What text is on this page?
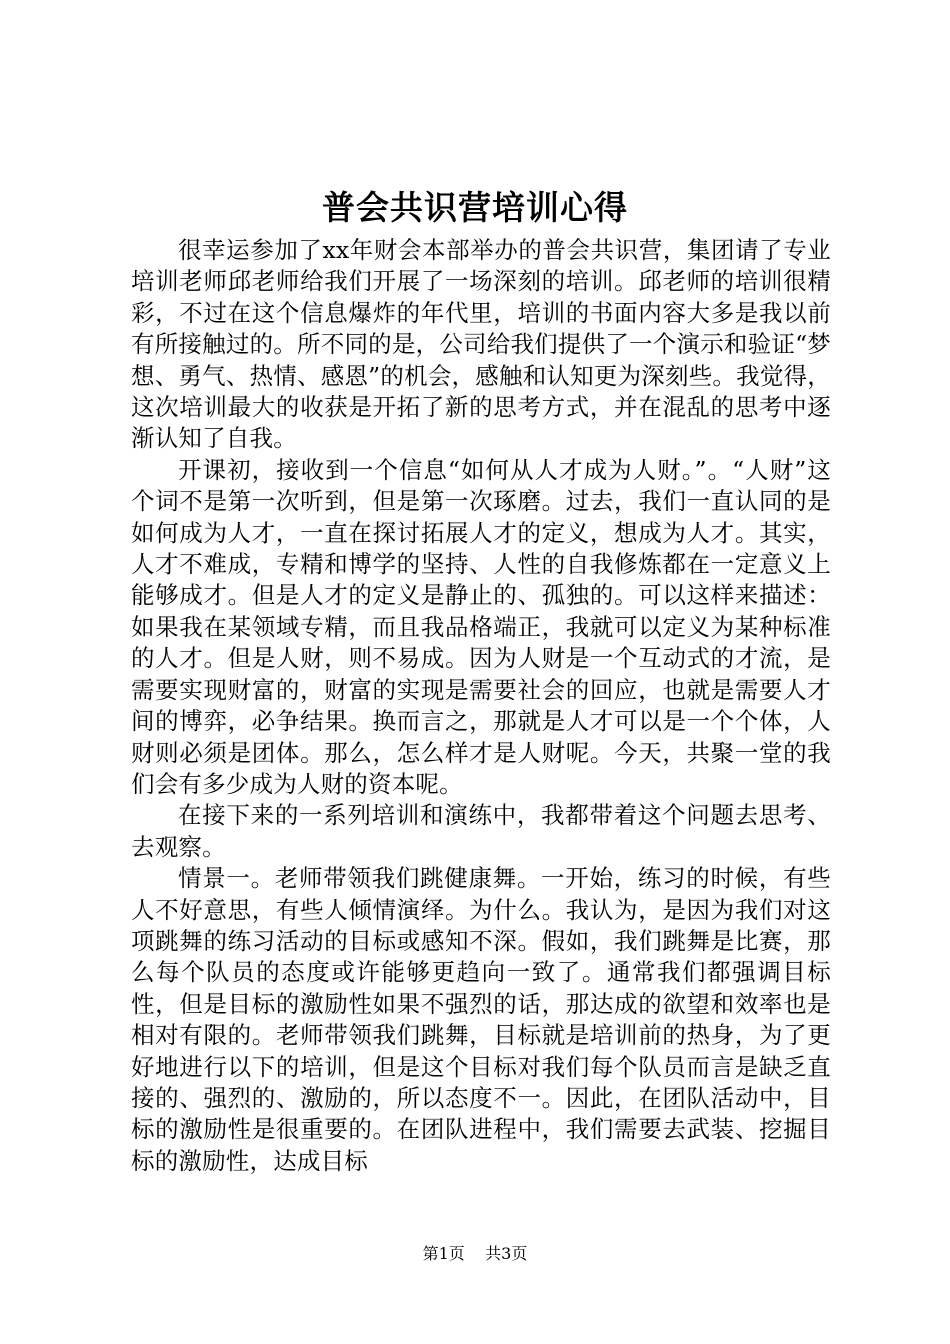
普会共识营培训心得

很幸运参加了xx年财会本部举办的普会共识营，集团请了专业培训老师邱老师给我们开展了一场深刻的培训。邱老师的培训很精彩，不过在这个信息爆炸的年代里，培训的书面内容大多是我以前有所接触过的。所不同的是，公司给我们提供了一个演示和验证“梦想、勇气、热情、感恩”的机会，感触和认知更为深刻些。我觉得，这次培训最大的收获是开拓了新的思考方式，并在混乱的思考中逐渐认知了自我。

开课初，接收到一个信息“如何从人才成为人财。”。“人财”这个词不是第一次听到，但是第一次琢磨。过去，我们一直认同的是如何成为人才，一直在探讨拓展人才的定义，想成为人才。其实，人才不难成，专精和博学的坚持、人性的自我修炼都在一定意义上能够成才。但是人才的定义是静止的、孤独的。可以这样来描述：如果我在某领域专精，而且我品格端正，我就可以定义为某种标准的人才。但是人财，则不易成。因为人财是一个互动式的才流，是需要实现财富的，财富的实现是需要社会的回应，也就是需要人才间的博弈，必争结果。换而言之，那就是人才可以是一个个体，人财则必须是团体。那么，怎么样才是人财呢。今天，共聚一堂的我们会有多少成为人财的资本呢。

在接下来的一系列培训和演练中，我都带着这个问题去思考、去观察。

情景一。老师带领我们跳健康舞。一开始，练习的时候，有些人不好意思，有些人倾情演绎。为什么。我认为，是因为我们对这项跳舞的练习活动的目标或感知不深。假如，我们跳舞是比赛，那么每个队员的态度或许能够更趋向一致了。通常我们都强调目标性，但是目标的激励性如果不强烈的话，那达成的欲望和效率也是相对有限的。老师带领我们跳舞，目标就是培训前的热身，为了更好地进行以下的培训，但是这个目标对我们每个队员而言是缺乏直接的、强烈的、激励的，所以态度不一。因此，在团队活动中，目标的激励性是很重要的。在团队进程中，我们需要去武装、挖掘目标的激励性，达成目标

第1页 共3页
